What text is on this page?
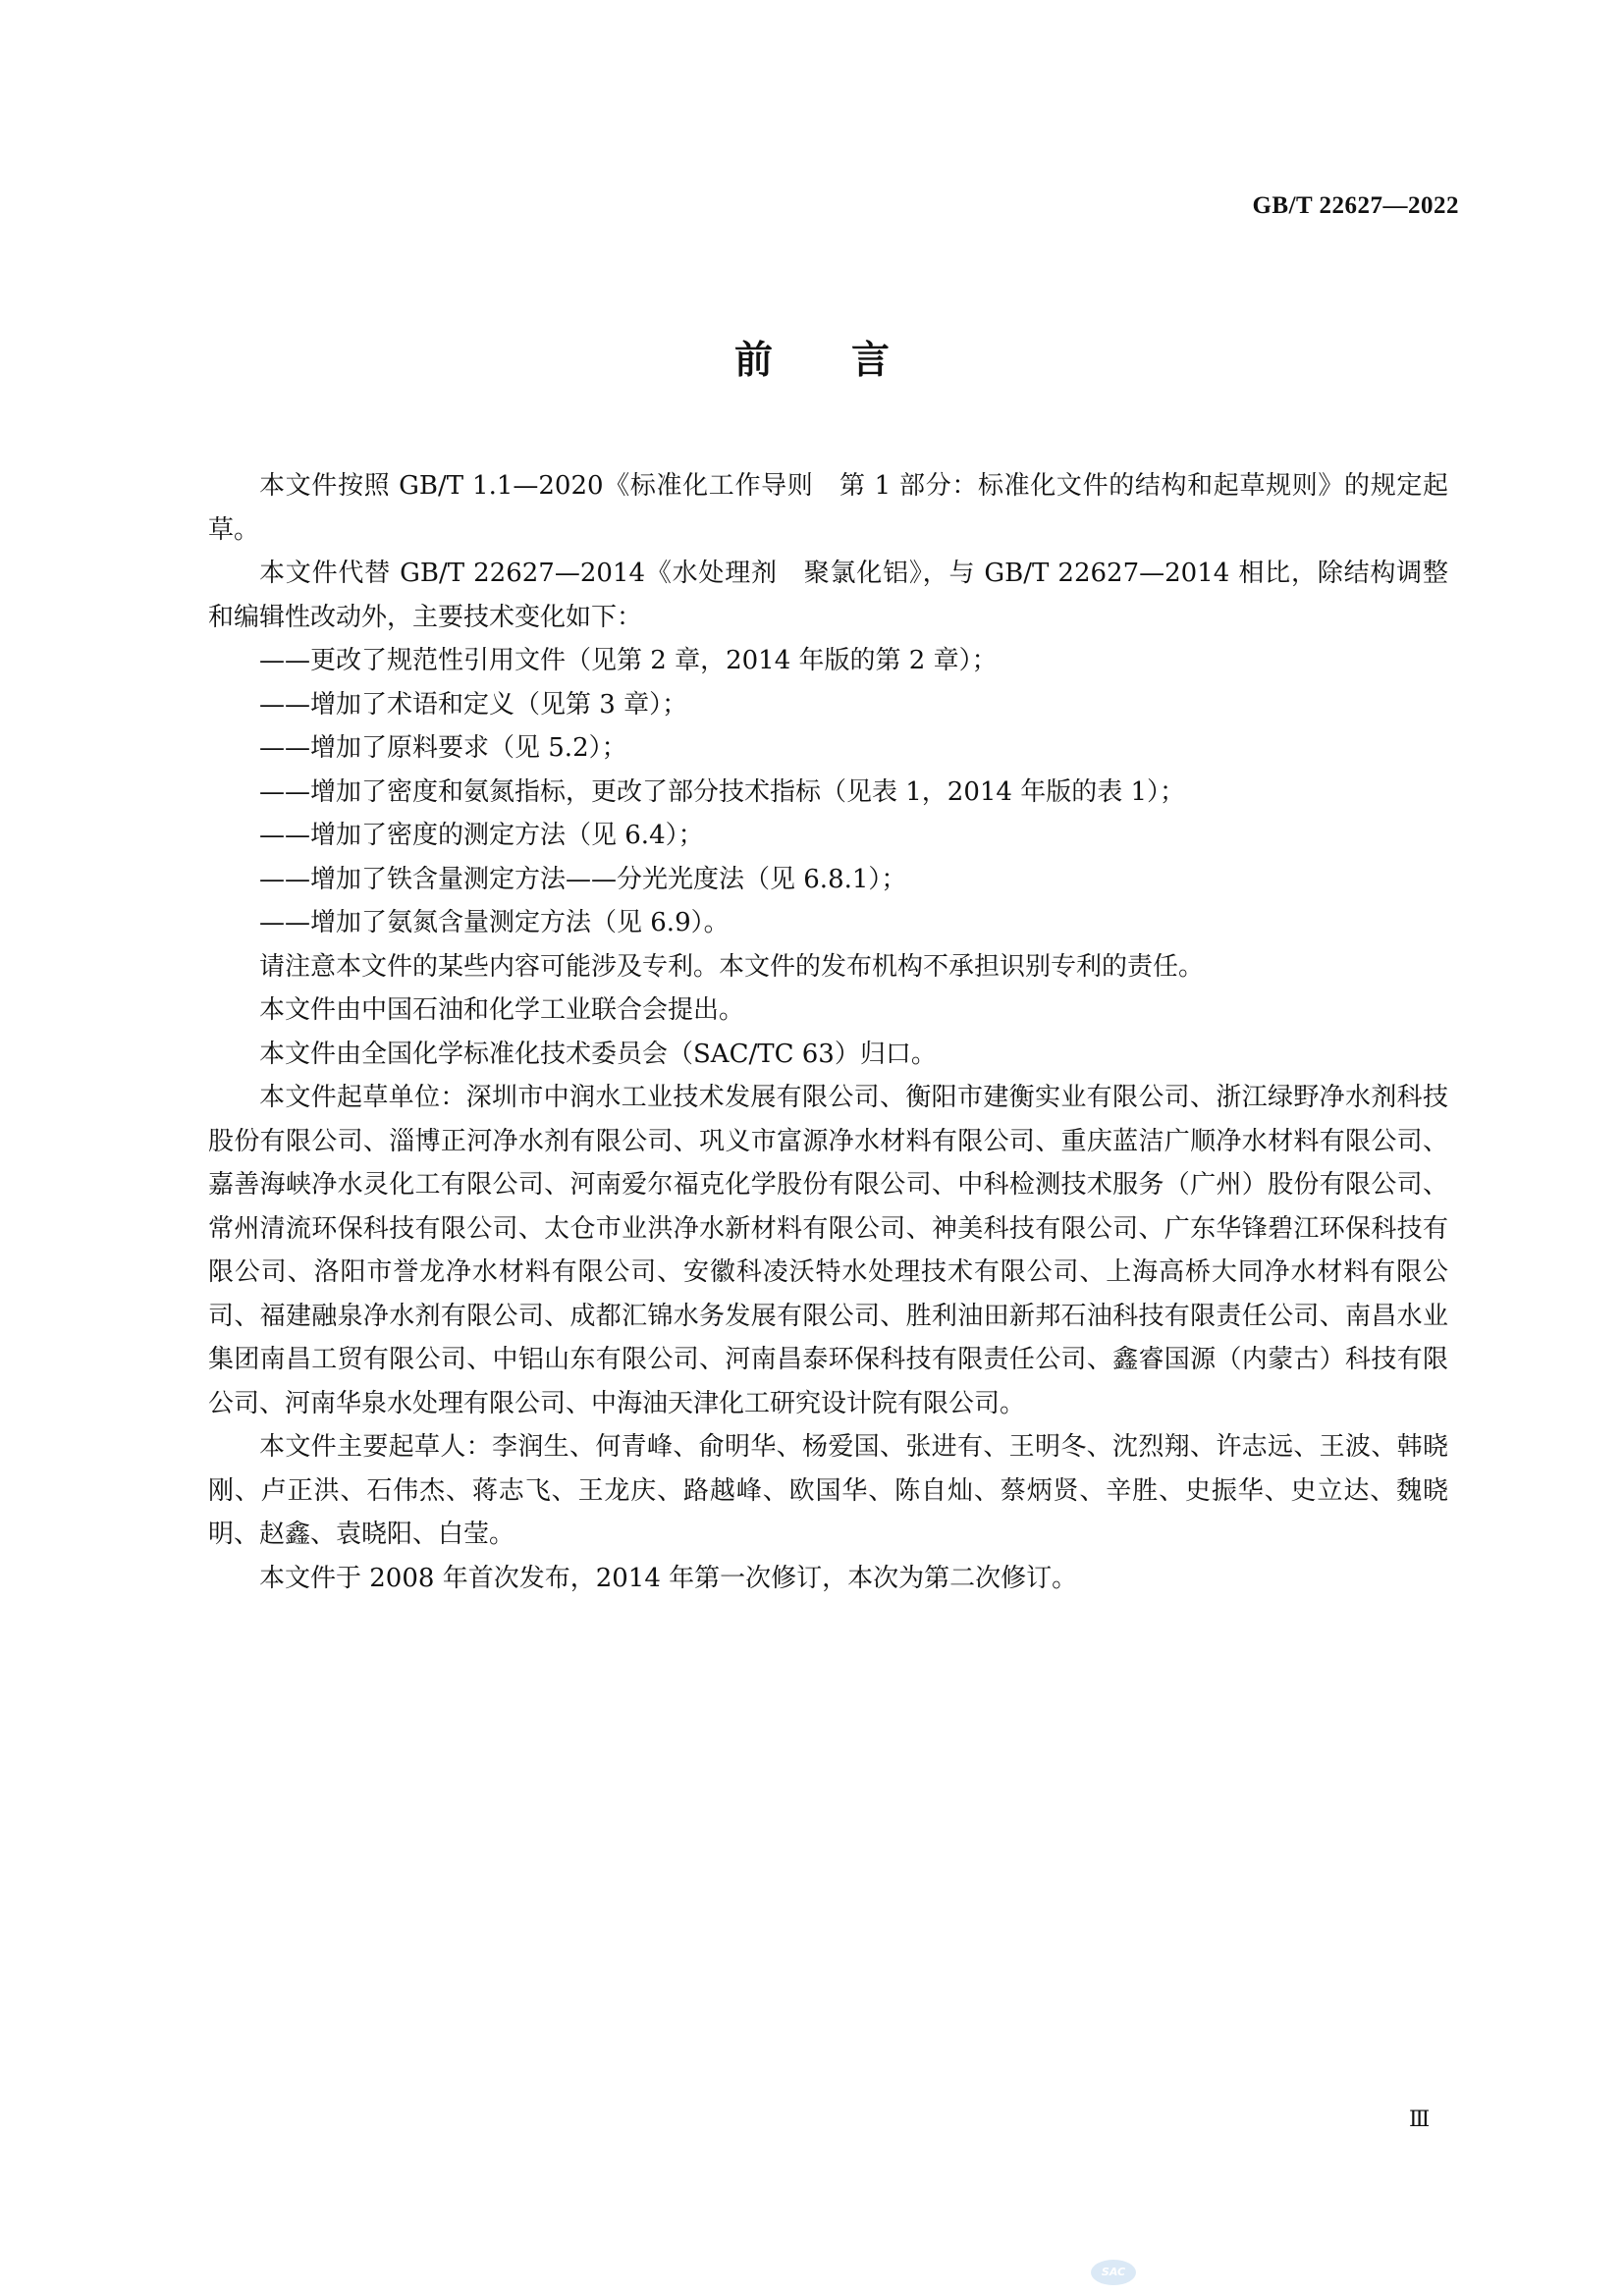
GB/T 22627—2022
前言

本文件按照 GB/T 1.1—2020《标准化工作导则　第 1 部分：标准化文件的结构和起草规则》的规定起草。

本文件代替 GB/T 22627—2014《水处理剂　聚氯化铝》，与 GB/T 22627—2014 相比，除结构调整和编辑性改动外，主要技术变化如下：

——更改了规范性引用文件（见第 2 章，2014 年版的第 2 章）；

——增加了术语和定义（见第 3 章）；

——增加了原料要求（见 5.2）；

——增加了密度和氨氮指标，更改了部分技术指标（见表 1，2014 年版的表 1）；

——增加了密度的测定方法（见 6.4）；

——增加了铁含量测定方法——分光光度法（见 6.8.1）；

——增加了氨氮含量测定方法（见 6.9）。

请注意本文件的某些内容可能涉及专利。本文件的发布机构不承担识别专利的责任。

本文件由中国石油和化学工业联合会提出。

本文件由全国化学标准化技术委员会（SAC/TC 63）归口。

本文件起草单位：深圳市中润水工业技术发展有限公司、衡阳市建衡实业有限公司、浙江绿野净水剂科技股份有限公司、淄博正河净水剂有限公司、巩义市富源净水材料有限公司、重庆蓝洁广顺净水材料有限公司、嘉善海峡净水灵化工有限公司、河南爱尔福克化学股份有限公司、中科检测技术服务（广州）股份有限公司、常州清流环保科技有限公司、太仓市业洪净水新材料有限公司、神美科技有限公司、广东华锋碧江环保科技有限公司、洛阳市誉龙净水材料有限公司、安徽科凌沃特水处理技术有限公司、上海高桥大同净水材料有限公司、福建融泉净水剂有限公司、成都汇锦水务发展有限公司、胜利油田新邦石油科技有限责任公司、南昌水业集团南昌工贸有限公司、中铝山东有限公司、河南昌泰环保科技有限责任公司、鑫睿国源（内蒙古）科技有限公司、河南华泉水处理有限公司、中海油天津化工研究设计院有限公司。

本文件主要起草人：李润生、何青峰、俞明华、杨爱国、张进有、王明冬、沈烈翔、许志远、王波、韩晓刚、卢正洪、石伟杰、蒋志飞、王龙庆、路越峰、欧国华、陈自灿、蔡炳贤、辛胜、史振华、史立达、魏晓明、赵鑫、袁晓阳、白莹。

本文件于 2008 年首次发布，2014 年第一次修订，本次为第二次修订。

Ⅲ
SAC
